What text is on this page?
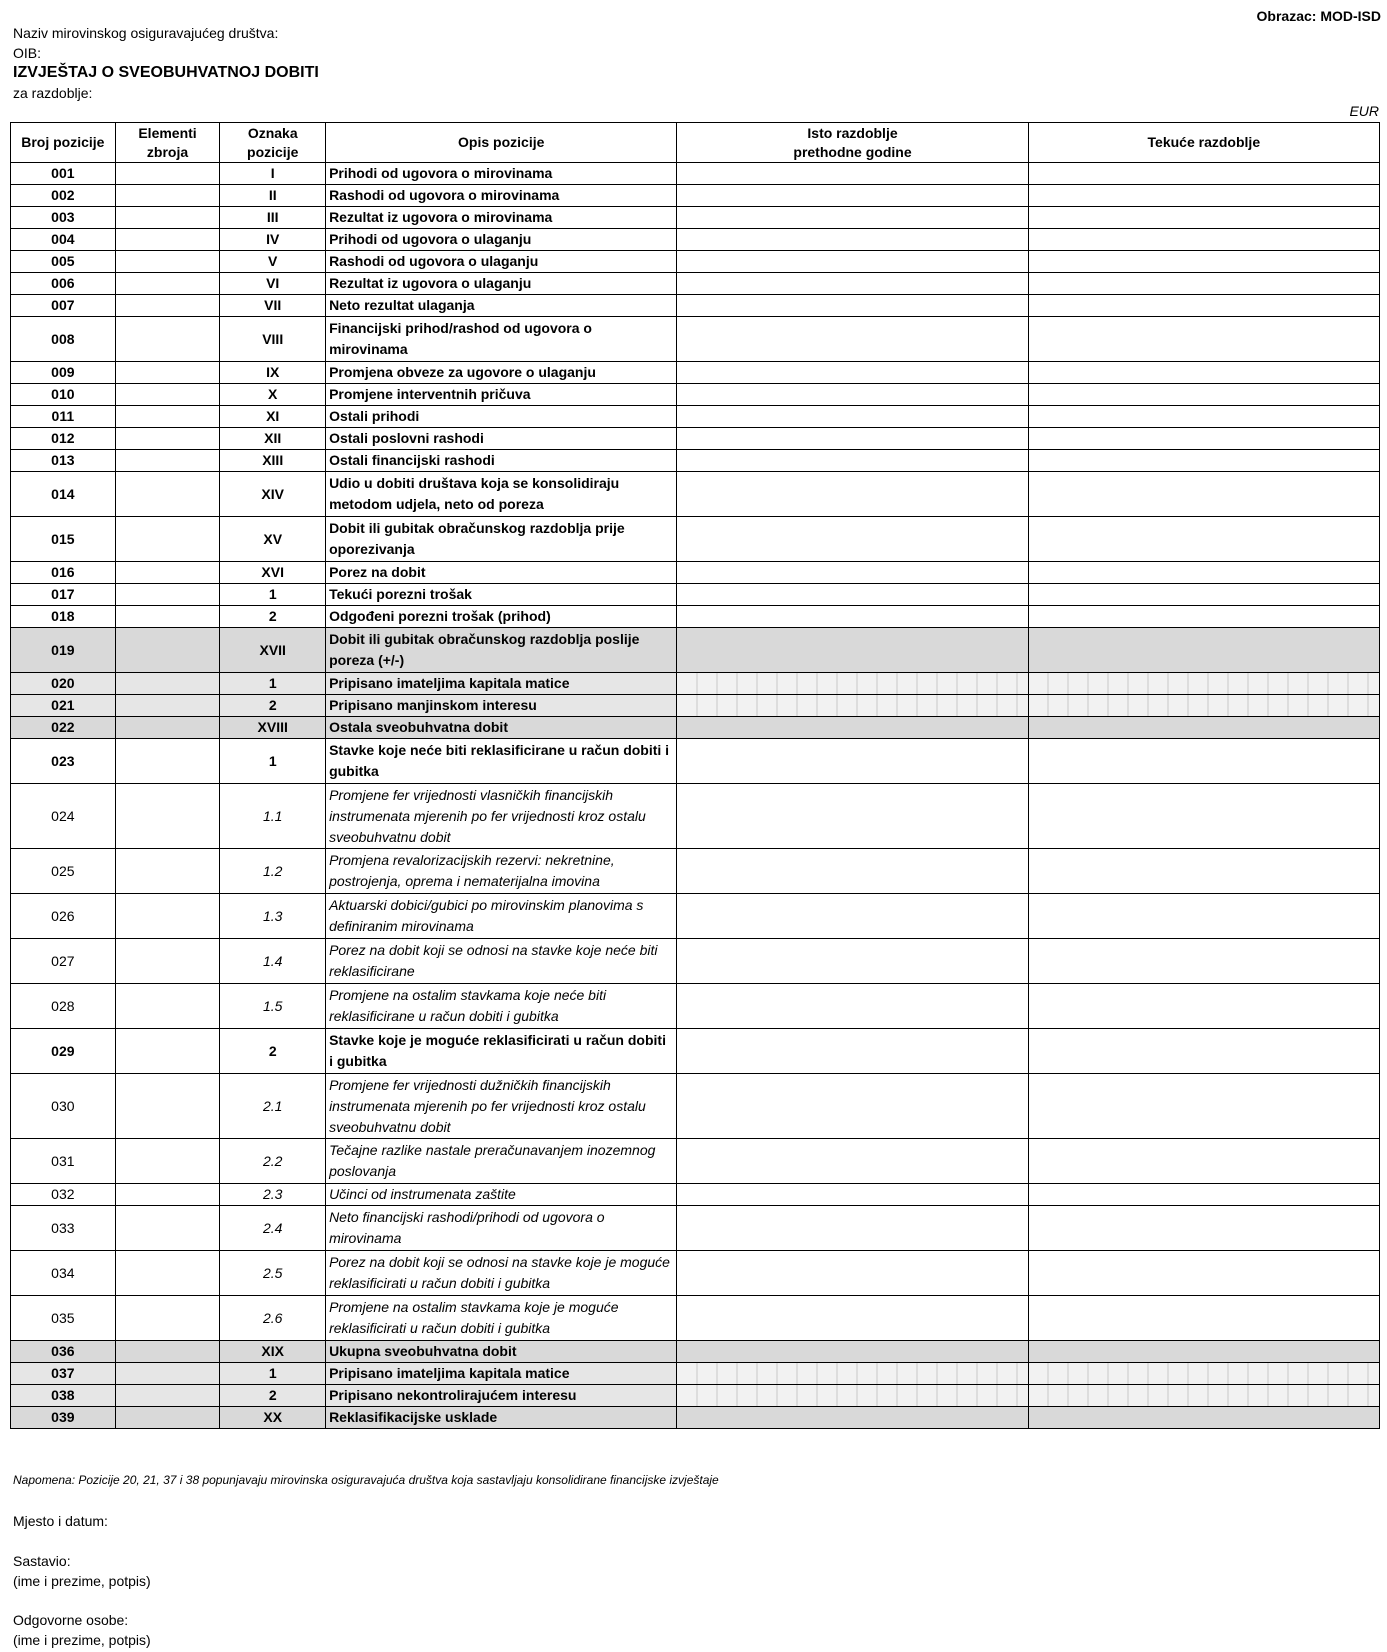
Obrazac: MOD-ISD
Naziv mirovinskog osiguravajućeg društva:
OIB:
IZVJEŠTAJ O SVEOBUHVATNOJ DOBITI
za razdoblje:
EUR
Broj pozicije	Elementi zbroja	Oznaka pozicije	Opis pozicije	Isto razdoblje prethodne godine	Tekuće razdoblje
001		I	Prihodi od ugovora o mirovinama		
002		II	Rashodi od ugovora o mirovinama		
003		III	Rezultat iz ugovora o mirovinama		
004		IV	Prihodi od ugovora o ulaganju		
005		V	Rashodi od ugovora o ulaganju		
006		VI	Rezultat iz ugovora o ulaganju		
007		VII	Neto rezultat ulaganja		
008		VIII	Financijski prihod/rashod od ugovora o mirovinama		
009		IX	Promjena obveze za ugovore o ulaganju		
010		X	Promjene interventnih pričuva		
011		XI	Ostali prihodi		
012		XII	Ostali poslovni rashodi		
013		XIII	Ostali financijski rashodi		
014		XIV	Udio u dobiti društava koja se konsolidiraju metodom udjela, neto od poreza		
015		XV	Dobit ili gubitak obračunskog razdoblja prije oporezivanja		
016		XVI	Porez na dobit		
017		1	Tekući porezni trošak		
018		2	Odgođeni porezni trošak (prihod)		
019		XVII	Dobit ili gubitak obračunskog razdoblja poslije poreza (+/-)		
020		1	Pripisano imateljima kapitala matice		
021		2	Pripisano manjinskom interesu		
022		XVIII	Ostala sveobuhvatna dobit		
023		1	Stavke koje neće biti reklasificirane u račun dobiti i gubitka		
024		1.1	Promjene fer vrijednosti vlasničkih financijskih instrumenata mjerenih po fer vrijednosti kroz ostalu sveobuhvatnu dobit		
025		1.2	Promjena revalorizacijskih rezervi: nekretnine, postrojenja, oprema i nematerijalna imovina		
026		1.3	Aktuarski dobici/gubici po mirovinskim planovima s definiranim mirovinama		
027		1.4	Porez na dobit koji se odnosi na stavke koje neće biti reklasificirane		
028		1.5	Promjene na ostalim stavkama koje neće biti reklasificirane u račun dobiti i gubitka		
029		2	Stavke koje je moguće reklasificirati u račun dobiti i gubitka		
030		2.1	Promjene fer vrijednosti dužničkih financijskih instrumenata mjerenih po fer vrijednosti kroz ostalu sveobuhvatnu dobit		
031		2.2	Tečajne razlike nastale preračunavanjem inozemnog poslovanja		
032		2.3	Učinci od instrumenata zaštite		
033		2.4	Neto financijski rashodi/prihodi od ugovora o mirovinama		
034		2.5	Porez na dobit koji se odnosi na stavke koje je moguće reklasificirati u račun dobiti i gubitka		
035		2.6	Promjene na ostalim stavkama koje je moguće reklasificirati u račun dobiti i gubitka		
036		XIX	Ukupna sveobuhvatna dobit		
037		1	Pripisano imateljima kapitala matice		
038		2	Pripisano nekontrolirajućem interesu		
039		XX	Reklasifikacijske usklade		
Napomena: Pozicije 20, 21, 37 i 38 popunjavaju mirovinska osiguravajuća društva koja sastavljaju konsolidirane financijske izvještaje
Mjesto i datum:
Sastavio:
(ime i prezime, potpis)
Odgovorne osobe:
(ime i prezime, potpis)
